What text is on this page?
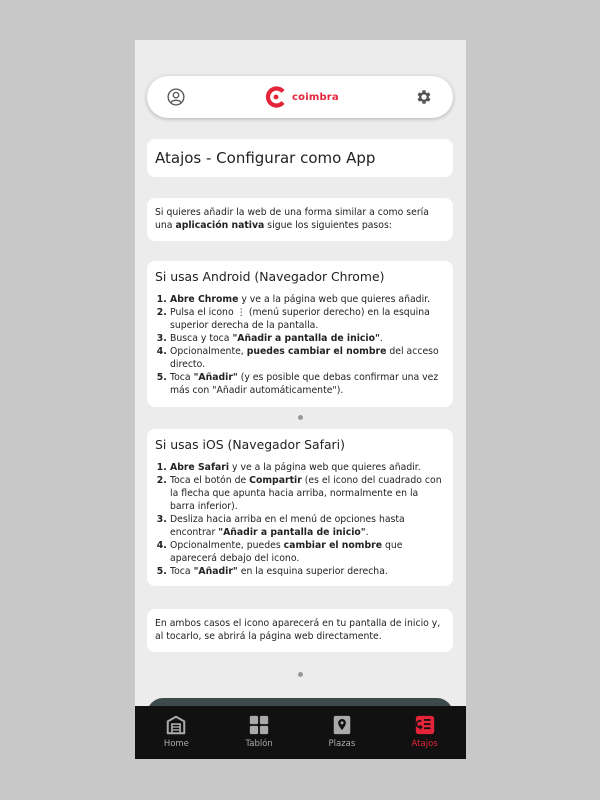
coimbra
Atajos - Configurar como App
Si quieres añadir la web de una forma similar a como sería una aplicación nativa sigue los siguientes pasos:
Si usas Android (Navegador Chrome)
1. Abre Chrome y ve a la página web que quieres añadir.
2. Pulsa el icono ⋮ (menú superior derecho) en la esquina superior derecha de la pantalla.
3. Busca y toca "Añadir a pantalla de inicio".
4. Opcionalmente, puedes cambiar el nombre del acceso directo.
5. Toca "Añadir" (y es posible que debas confirmar una vez más con "Añadir automáticamente").
Si usas iOS (Navegador Safari)
1. Abre Safari y ve a la página web que quieres añadir.
2. Toca el botón de Compartir (es el icono del cuadrado con la flecha que apunta hacia arriba, normalmente en la barra inferior).
3. Desliza hacia arriba en el menú de opciones hasta encontrar "Añadir a pantalla de inicio".
4. Opcionalmente, puedes cambiar el nombre que aparecerá debajo del icono.
5. Toca "Añadir" en la esquina superior derecha.
En ambos casos el icono aparecerá en tu pantalla de inicio y, al tocarlo, se abrirá la página web directamente.
Home	Tablón	Plazas	Atajos
